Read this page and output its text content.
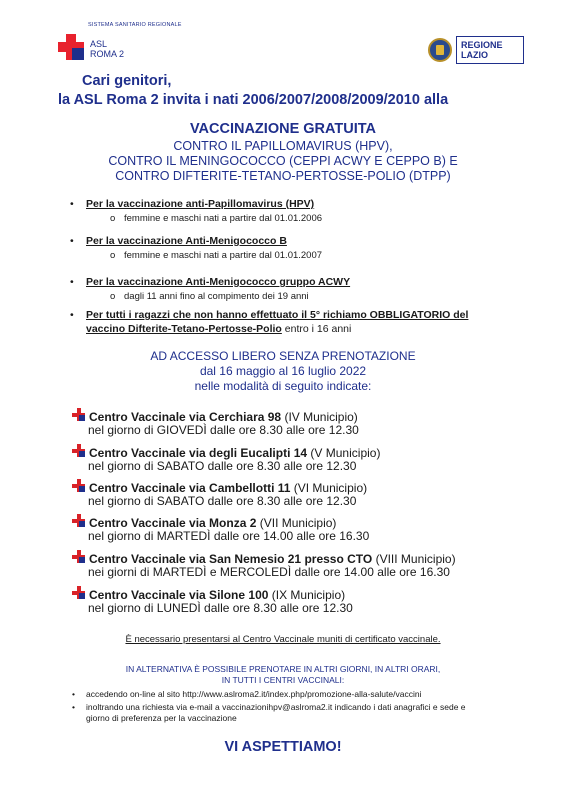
SISTEMA SANITARIO REGIONALE
ASL
ROMA 2
REGIONE
LAZIO
Cari genitori,
la ASL Roma 2 invita i nati 2006/2007/2008/2009/2010 alla
VACCINAZIONE GRATUITA
CONTRO IL PAPILLOMAVIRUS (HPV),
CONTRO IL MENINGOCOCCO (CEPPI ACWY E CEPPO B) E
CONTRO DIFTERITE-TETANO-PERTOSSE-POLIO (DTPP)
• Per la vaccinazione anti-Papillomavirus (HPV)
o femmine e maschi nati a partire dal 01.01.2006
• Per la vaccinazione Anti-Menigococco B
o femmine e maschi nati a partire dal 01.01.2007
• Per la vaccinazione Anti-Menigococco gruppo ACWY
o dagli 11 anni fino al compimento dei 19 anni
• Per tutti i ragazzi che non hanno effettuato il 5° richiamo OBBLIGATORIO del
vaccino Difterite-Tetano-Pertosse-Polio entro i 16 anni
AD ACCESSO LIBERO SENZA PRENOTAZIONE
dal 16 maggio al 16 luglio 2022
nelle modalità di seguito indicate:
Centro Vaccinale via Cerchiara 98 (IV Municipio)
nel giorno di GIOVEDÌ dalle ore 8.30 alle ore 12.30
Centro Vaccinale via degli Eucalipti 14 (V Municipio)
nel giorno di SABATO dalle ore 8.30 alle ore 12.30
Centro Vaccinale via Cambellotti 11 (VI Municipio)
nel giorno di SABATO dalle ore 8.30 alle ore 12.30
Centro Vaccinale via Monza 2 (VII Municipio)
nel giorno di MARTEDÌ dalle ore 14.00 alle ore 16.30
Centro Vaccinale via San Nemesio 21 presso CTO (VIII Municipio)
nei giorni di MARTEDÌ e MERCOLEDÌ dalle ore 14.00 alle ore 16.30
Centro Vaccinale via Silone 100 (IX Municipio)
nel giorno di LUNEDÌ dalle ore 8.30 alle ore 12.30
È necessario presentarsi al Centro Vaccinale muniti di certificato vaccinale.
IN ALTERNATIVA È POSSIBILE PRENOTARE IN ALTRI GIORNI, IN ALTRI ORARI,
IN TUTTI I CENTRI VACCINALI:
• accedendo on-line al sito http://www.aslroma2.it/index.php/promozione-alla-salute/vaccini
• inoltrando una richiesta via e-mail a vaccinazionihpv@aslroma2.it indicando i dati anagrafici e sede e
giorno di preferenza per la vaccinazione
VI ASPETTIAMO!
